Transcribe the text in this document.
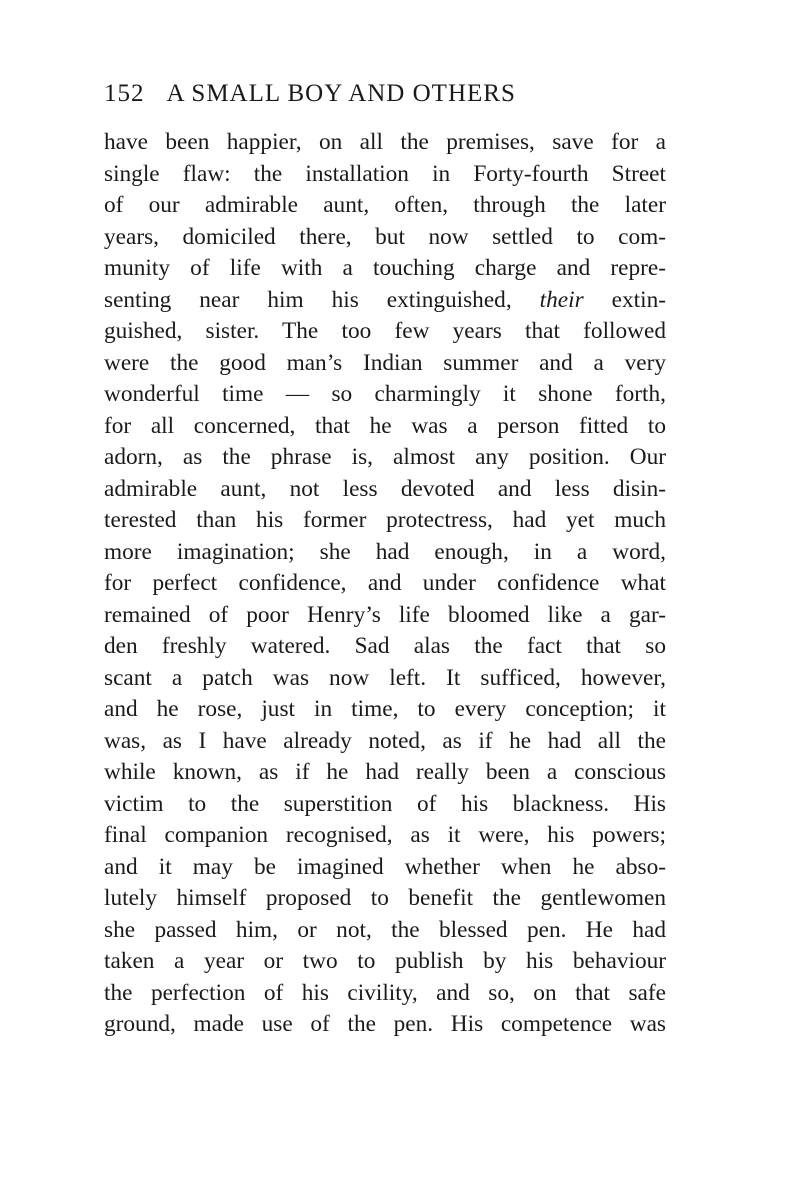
152 A SMALL BOY AND OTHERS
have been happier, on all the premises, save for a
single flaw: the installation in Forty-fourth Street
of our admirable aunt, often, through the later
years, domiciled there, but now settled to com-
munity of life with a touching charge and repre-
senting near him his extinguished, their extin-
guished, sister. The too few years that followed
were the good man’s Indian summer and a very
wonderful time — so charmingly it shone forth,
for all concerned, that he was a person fitted to
adorn, as the phrase is, almost any position. Our
admirable aunt, not less devoted and less disin-
terested than his former protectress, had yet much
more imagination; she had enough, in a word,
for perfect confidence, and under confidence what
remained of poor Henry’s life bloomed like a gar-
den freshly watered. Sad alas the fact that so
scant a patch was now left. It sufficed, however,
and he rose, just in time, to every conception; it
was, as I have already noted, as if he had all the
while known, as if he had really been a conscious
victim to the superstition of his blackness. His
final companion recognised, as it were, his powers;
and it may be imagined whether when he abso-
lutely himself proposed to benefit the gentlewomen
she passed him, or not, the blessed pen. He had
taken a year or two to publish by his behaviour
the perfection of his civility, and so, on that safe
ground, made use of the pen. His competence was
